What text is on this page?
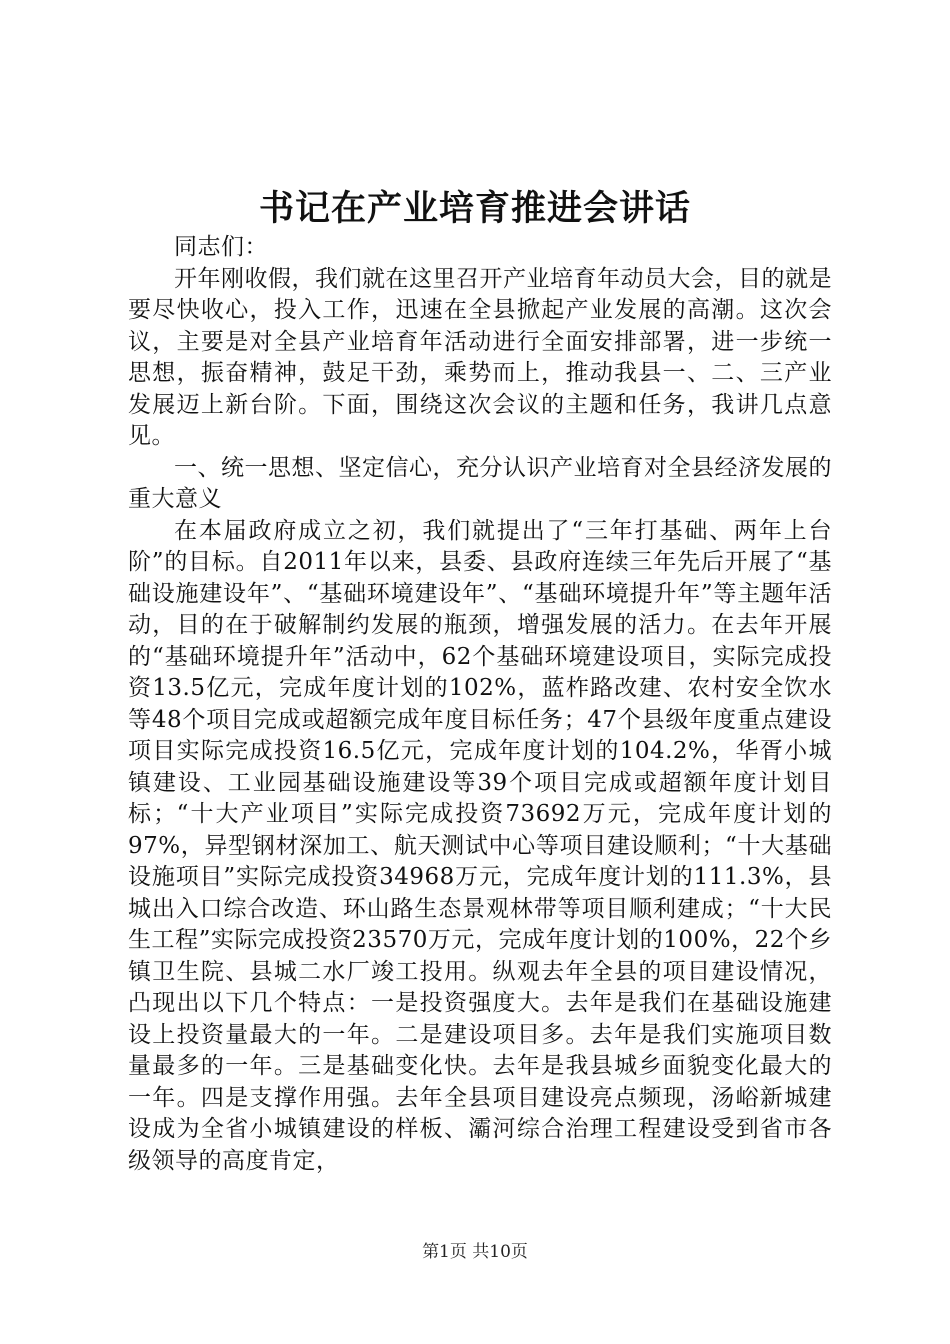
书记在产业培育推进会讲话

同志们：

开年刚收假，我们就在这里召开产业培育年动员大会，目的就是要尽快收心，投入工作，迅速在全县掀起产业发展的高潮。这次会议，主要是对全县产业培育年活动进行全面安排部署，进一步统一思想，振奋精神，鼓足干劲，乘势而上，推动我县一、二、三产业发展迈上新台阶。下面，围绕这次会议的主题和任务，我讲几点意见。

一、统一思想、坚定信心，充分认识产业培育对全县经济发展的重大意义

在本届政府成立之初，我们就提出了“三年打基础、两年上台阶”的目标。自2011年以来，县委、县政府连续三年先后开展了“基础设施建设年”、“基础环境建设年”、“基础环境提升年”等主题年活动，目的在于破解制约发展的瓶颈，增强发展的活力。在去年开展的“基础环境提升年”活动中，62个基础环境建设项目，实际完成投资13.5亿元，完成年度计划的102%，蓝柞路改建、农村安全饮水等48个项目完成或超额完成年度目标任务；47个县级年度重点建设项目实际完成投资16.5亿元，完成年度计划的104.2%，华胥小城镇建设、工业园基础设施建设等39个项目完成或超额年度计划目标；“十大产业项目”实际完成投资73692万元，完成年度计划的97%，异型钢材深加工、航天测试中心等项目建设顺利；“十大基础设施项目”实际完成投资34968万元，完成年度计划的111.3%，县城出入口综合改造、环山路生态景观林带等项目顺利建成；“十大民生工程”实际完成投资23570万元，完成年度计划的100%，22个乡镇卫生院、县城二水厂竣工投用。纵观去年全县的项目建设情况，凸现出以下几个特点：一是投资强度大。去年是我们在基础设施建设上投资量最大的一年。二是建设项目多。去年是我们实施项目数量最多的一年。三是基础变化快。去年是我县城乡面貌变化最大的一年。四是支撑作用强。去年全县项目建设亮点频现，汤峪新城建设成为全省小城镇建设的样板、灞河综合治理工程建设受到省市各级领导的高度肯定，

第1页 共10页
